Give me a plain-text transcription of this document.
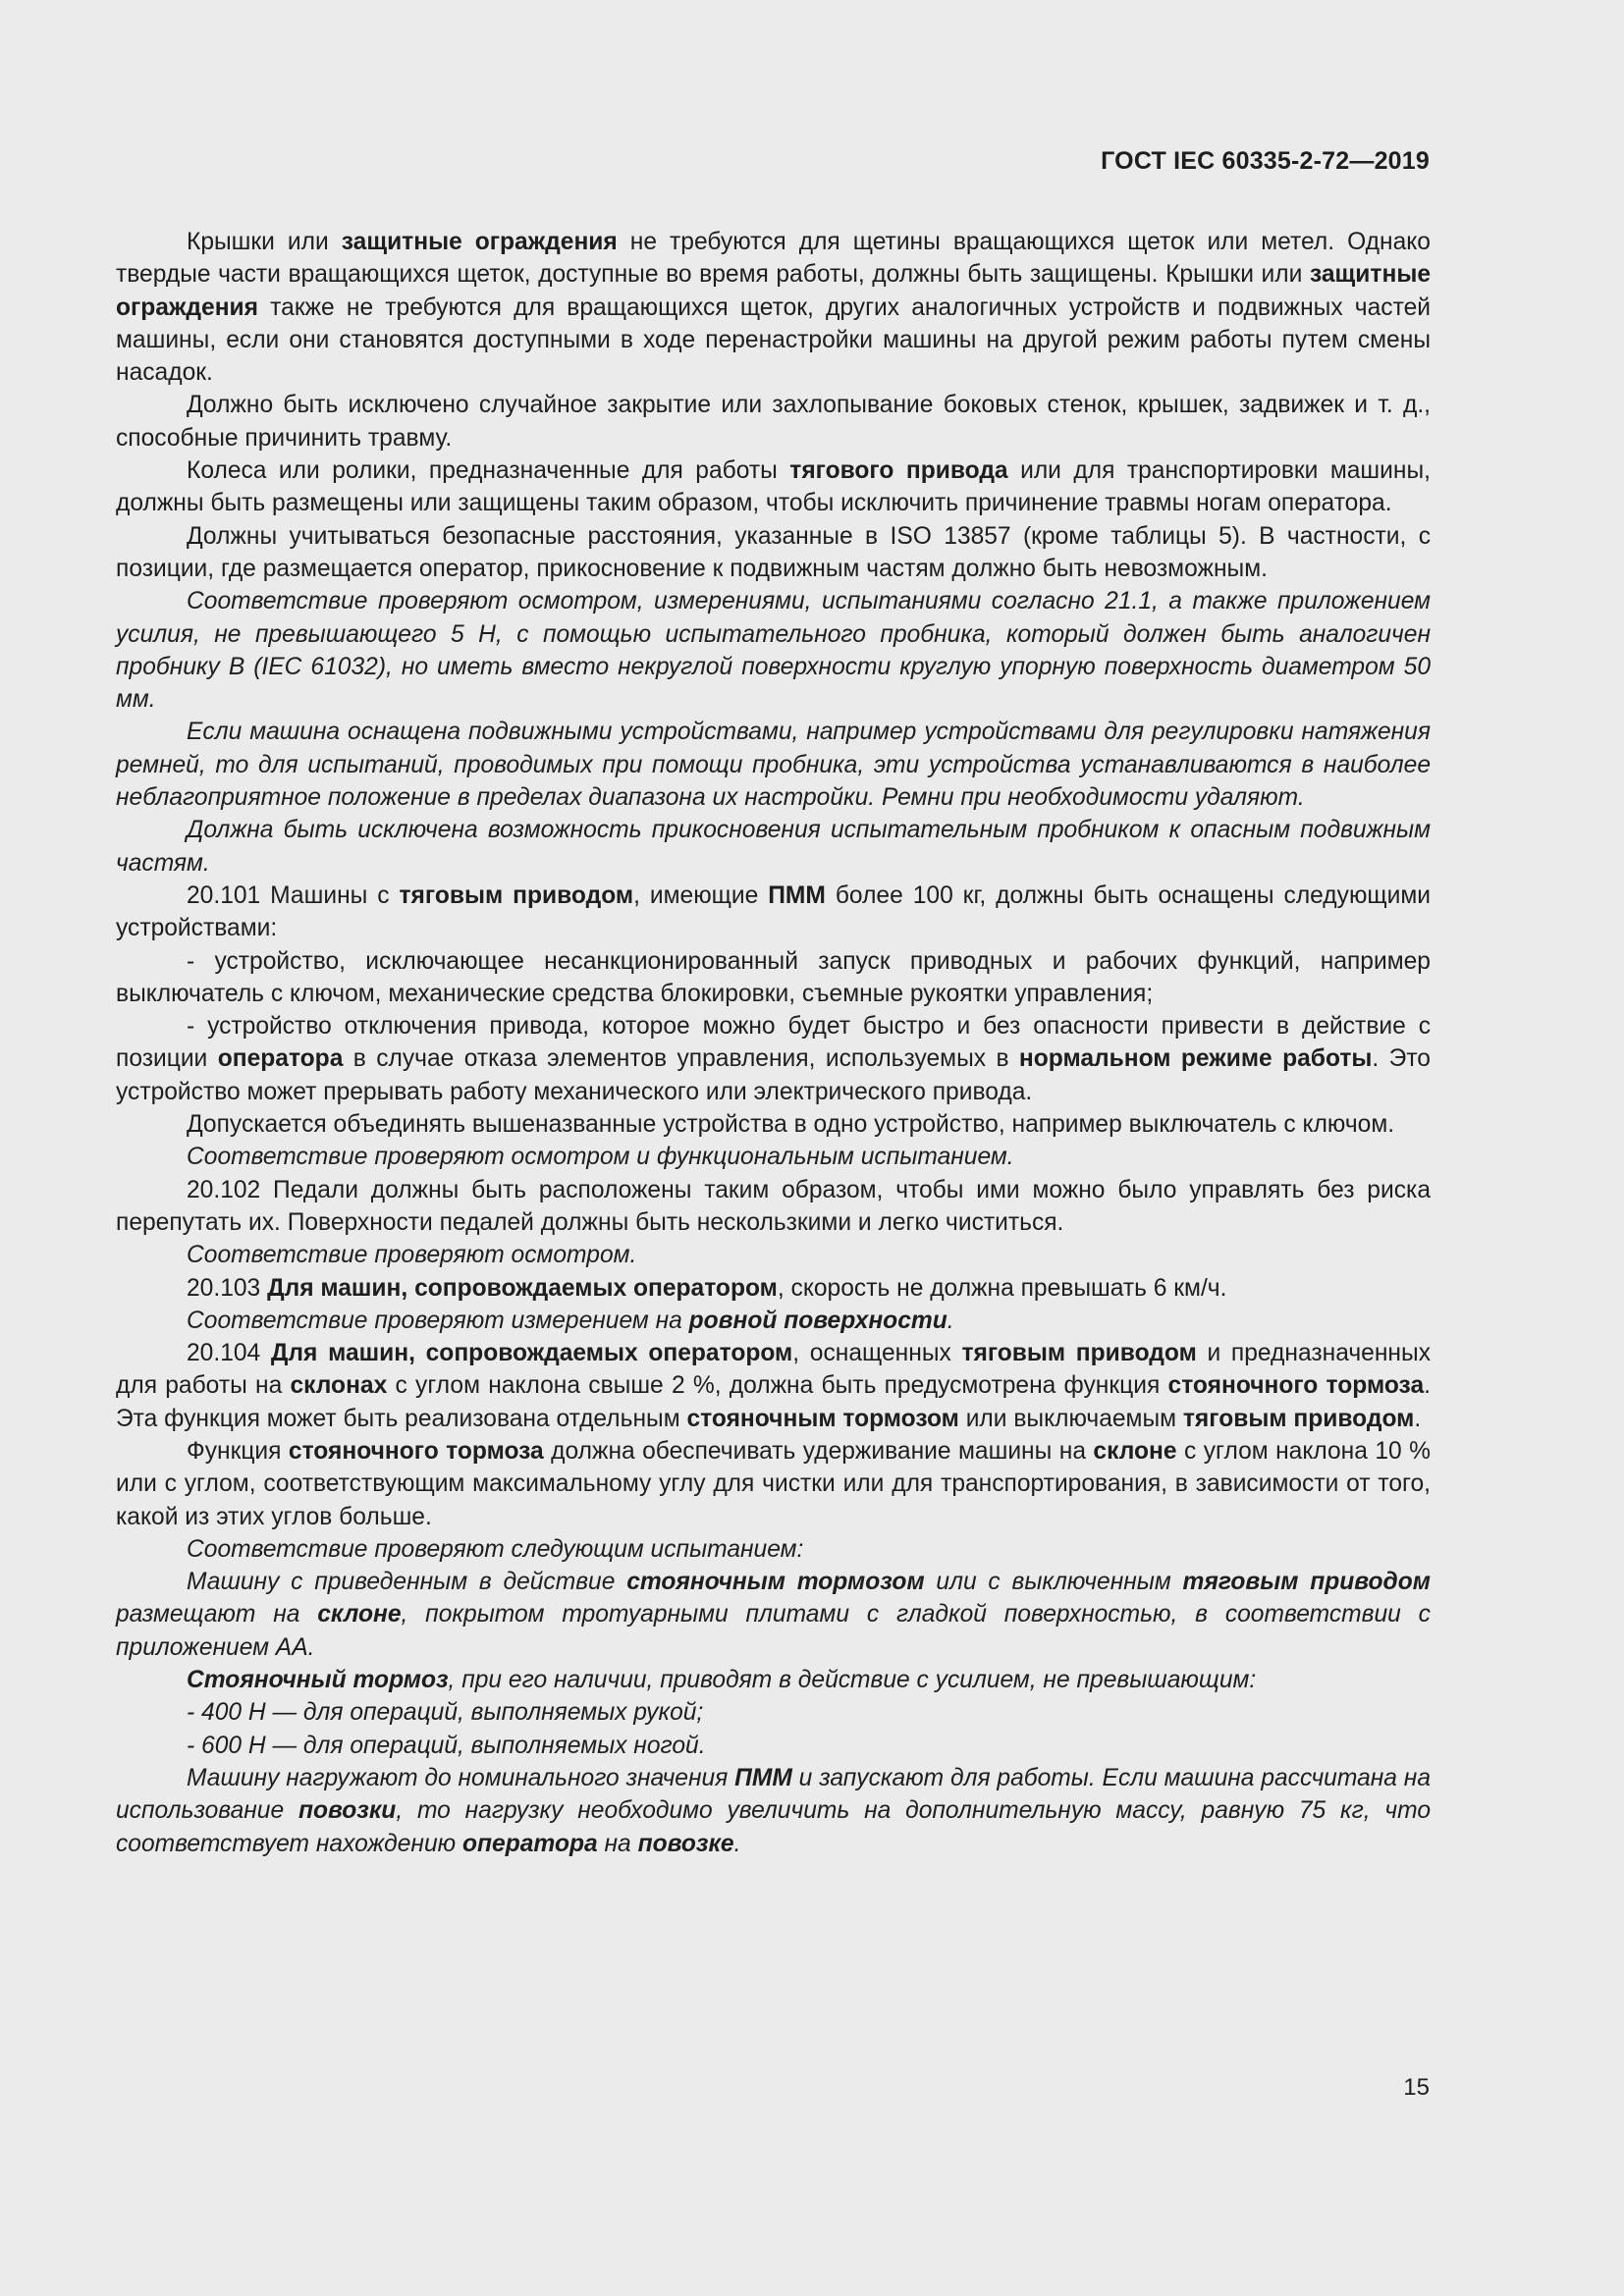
ГОСТ IEC 60335-2-72—2019

Крышки или защитные ограждения не требуются для щетины вращающихся щеток или метел. Однако твердые части вращающихся щеток, доступные во время работы, должны быть защищены. Крышки или защитные ограждения также не требуются для вращающихся щеток, других аналогичных устройств и подвижных частей машины, если они становятся доступными в ходе перенастройки машины на другой режим работы путем смены насадок.

Должно быть исключено случайное закрытие или захлопывание боковых стенок, крышек, задвижек и т. д., способные причинить травму.

Колеса или ролики, предназначенные для работы тягового привода или для транспортировки машины, должны быть размещены или защищены таким образом, чтобы исключить причинение травмы ногам оператора.

Должны учитываться безопасные расстояния, указанные в ISO 13857 (кроме таблицы 5). В частности, с позиции, где размещается оператор, прикосновение к подвижным частям должно быть невозможным.

Соответствие проверяют осмотром, измерениями, испытаниями согласно 21.1, а также приложением усилия, не превышающего 5 Н, с помощью испытательного пробника, который должен быть аналогичен пробнику В (IEC 61032), но иметь вместо некруглой поверхности круглую упорную поверхность диаметром 50 мм.

Если машина оснащена подвижными устройствами, например устройствами для регулировки натяжения ремней, то для испытаний, проводимых при помощи пробника, эти устройства устанавливаются в наиболее неблагоприятное положение в пределах диапазона их настройки. Ремни при необходимости удаляют.

Должна быть исключена возможность прикосновения испытательным пробником к опасным подвижным частям.

20.101 Машины с тяговым приводом, имеющие ПММ более 100 кг, должны быть оснащены следующими устройствами:

- устройство, исключающее несанкционированный запуск приводных и рабочих функций, например выключатель с ключом, механические средства блокировки, съемные рукоятки управления;

- устройство отключения привода, которое можно будет быстро и без опасности привести в действие с позиции оператора в случае отказа элементов управления, используемых в нормальном режиме работы. Это устройство может прерывать работу механического или электрического привода.

Допускается объединять вышеназванные устройства в одно устройство, например выключатель с ключом.

Соответствие проверяют осмотром и функциональным испытанием.

20.102 Педали должны быть расположены таким образом, чтобы ими можно было управлять без риска перепутать их. Поверхности педалей должны быть нескользкими и легко чиститься.

Соответствие проверяют осмотром.

20.103 Для машин, сопровождаемых оператором, скорость не должна превышать 6 км/ч.

Соответствие проверяют измерением на ровной поверхности.

20.104 Для машин, сопровождаемых оператором, оснащенных тяговым приводом и предназначенных для работы на склонах с углом наклона свыше 2 %, должна быть предусмотрена функция стояночного тормоза. Эта функция может быть реализована отдельным стояночным тормозом или выключаемым тяговым приводом.

Функция стояночного тормоза должна обеспечивать удерживание машины на склоне с углом наклона 10 % или с углом, соответствующим максимальному углу для чистки или для транспортирования, в зависимости от того, какой из этих углов больше.

Соответствие проверяют следующим испытанием:

Машину с приведенным в действие стояночным тормозом или с выключенным тяговым приводом размещают на склоне, покрытом тротуарными плитами с гладкой поверхностью, в соответствии с приложением АА.

Стояночный тормоз, при его наличии, приводят в действие с усилием, не превышающим:

- 400 Н — для операций, выполняемых рукой;

- 600 Н — для операций, выполняемых ногой.

Машину нагружают до номинального значения ПММ и запускают для работы. Если машина рассчитана на использование повозки, то нагрузку необходимо увеличить на дополнительную массу, равную 75 кг, что соответствует нахождению оператора на повозке.

15
